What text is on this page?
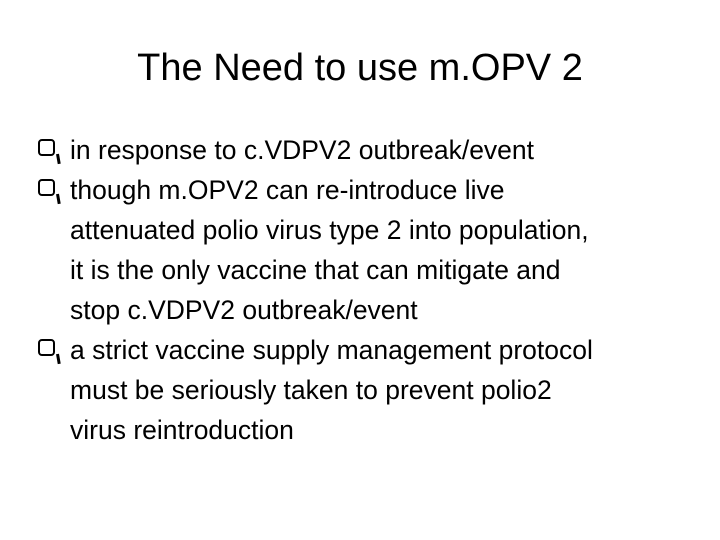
The Need to use m.OPV 2
in response to c.VDPV2 outbreak/event
though m.OPV2 can re-introduce live
attenuated polio virus type 2 into population,
it is the only vaccine that can mitigate and
stop c.VDPV2 outbreak/event
a strict vaccine supply management protocol
must be seriously taken to prevent polio2
virus reintroduction
